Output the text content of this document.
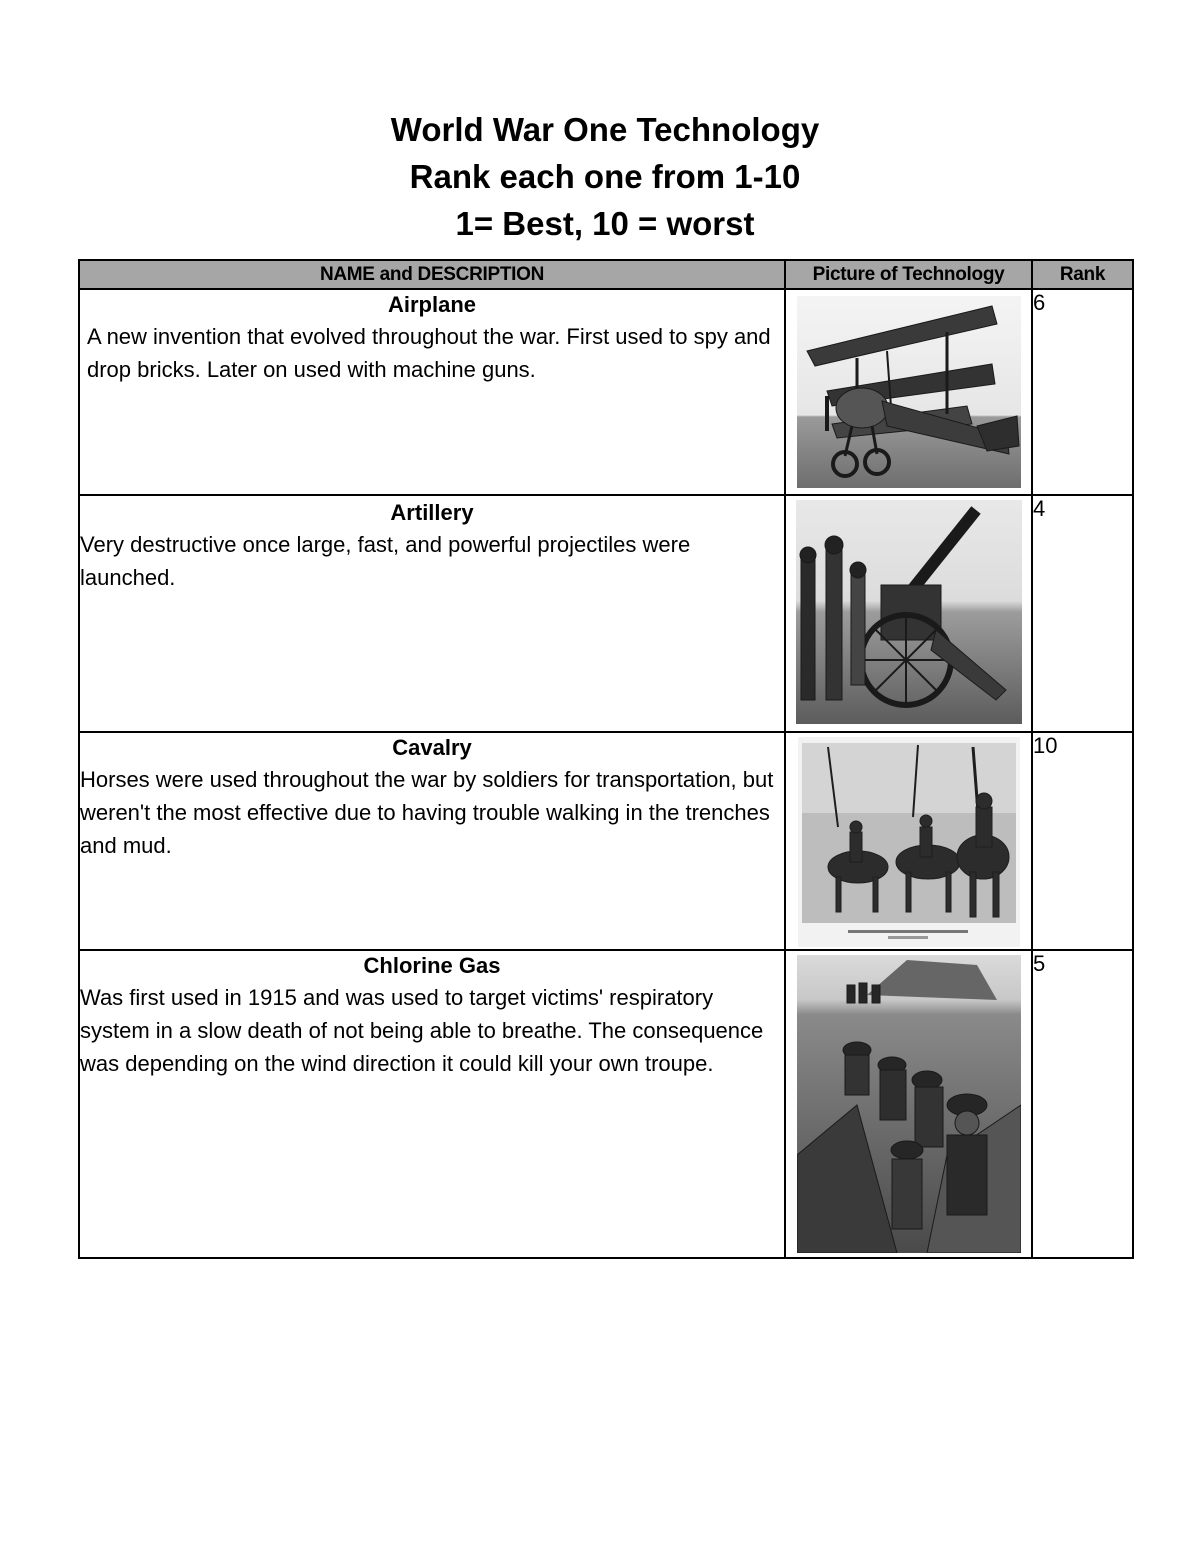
World War One Technology
Rank each one from 1-10
1= Best, 10 = worst
NAME and DESCRIPTION	Picture of Technology	Rank

Airplane
A new invention that evolved throughout the war. First used to spy and drop bricks. Later on used with machine guns.		6

Artillery
Very destructive once large, fast, and powerful projectiles were launched.		4

Cavalry
Horses were used throughout the war by soldiers for transportation, but weren't the most effective due to having trouble walking in the trenches and mud.		10

Chlorine Gas
Was first used in 1915 and was used to target victims' respiratory system in a slow death of not being able to breathe. The consequence was depending on the wind direction it could kill your own troupe.		5
